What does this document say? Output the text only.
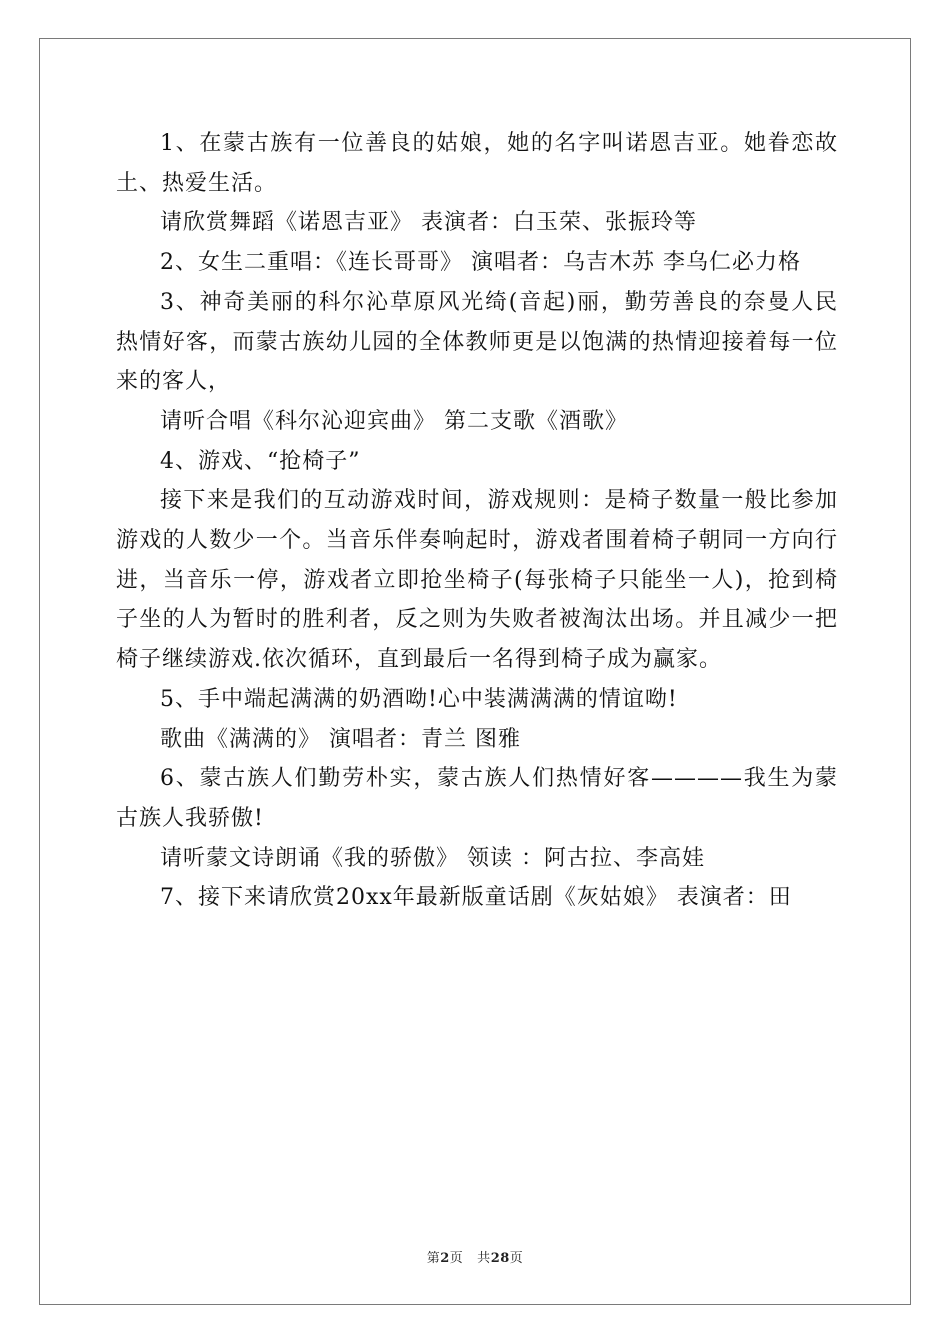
1、在蒙古族有一位善良的姑娘，她的名字叫诺恩吉亚。她眷恋故土、热爱生活。

请欣赏舞蹈《诺恩吉亚》 表演者：白玉荣、张振玲等

2、女生二重唱：《连长哥哥》 演唱者：乌吉木苏 李乌仁必力格

3、神奇美丽的科尔沁草原风光绮(音起)丽，勤劳善良的奈曼人民热情好客，而蒙古族幼儿园的全体教师更是以饱满的热情迎接着每一位来的客人，

请听合唱《科尔沁迎宾曲》 第二支歌《酒歌》

4、游戏、“抢椅子”

接下来是我们的互动游戏时间，游戏规则：是椅子数量一般比参加游戏的人数少一个。当音乐伴奏响起时，游戏者围着椅子朝同一方向行进，当音乐一停，游戏者立即抢坐椅子(每张椅子只能坐一人)，抢到椅子坐的人为暂时的胜利者，反之则为失败者被淘汰出场。并且减少一把椅子继续游戏.依次循环，直到最后一名得到椅子成为赢家。

5、手中端起满满的奶酒呦!心中装满满满的情谊呦!

歌曲《满满的》 演唱者：青兰 图雅

6、蒙古族人们勤劳朴实，蒙古族人们热情好客————我生为蒙古族人我骄傲!

请听蒙文诗朗诵《我的骄傲》 领读 ：阿古拉、李高娃

7、接下来请欣赏20xx年最新版童话剧《灰姑娘》 表演者：田

第2页 共28页
